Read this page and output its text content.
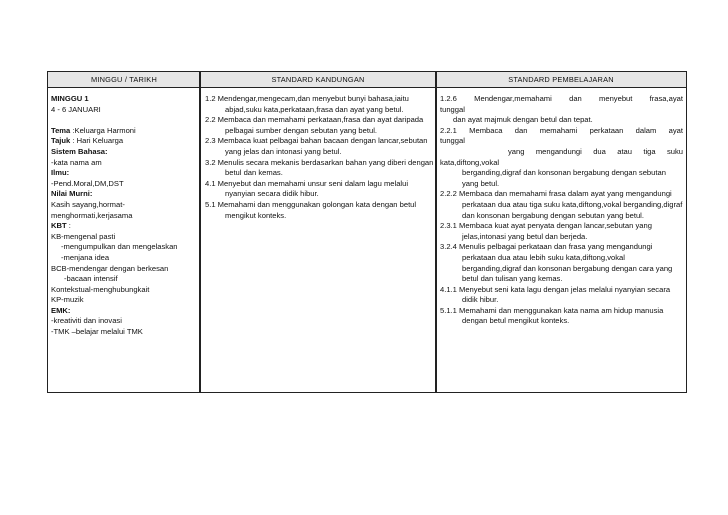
MINGGU / TARIKH	STANDARD KANDUNGAN	STANDARD PEMBELAJARAN

MINGGU 1

4 - 6 JANUARI

Tema :Keluarga Harmoni

Tajuk : Hari Keluarga

Sistem Bahasa:

-kata nama am

Ilmu:

-Pend.Moral,DM,DST

Nilai Murni:

Kasih sayang,hormat-

menghormati,kerjasama

KBT :

KB-mengenal pasti

-mengumpulkan dan mengelaskan

-menjana idea

BCB-mendengar dengan berkesan

-bacaan intensif

Kontekstual-menghubungkait

KP-muzik

EMK:

-kreativiti dan inovasi

-TMK –belajar melalui TMK

1.2 Mendengar,mengecam,dan menyebut bunyi bahasa,iaitu abjad,suku kata,perkataan,frasa dan ayat yang betul.

2.2 Membaca dan memahami perkataan,frasa dan ayat daripada pelbagai sumber dengan sebutan yang betul.

2.3 Membaca kuat pelbagai bahan bacaan dengan lancar,sebutan yang jelas dan intonasi yang betul.

3.2 Menulis secara mekanis berdasarkan bahan yang diberi dengan betul dan kemas.

4.1 Menyebut dan memahami unsur seni dalam lagu melalui nyanyian secara didik hibur.

5.1 Memahami dan menggunakan golongan kata dengan betul mengikut konteks.

1.2.6 Mendengar,memahami dan menyebut frasa,ayat

tunggal

dan ayat majmuk dengan betul dan tepat.

2.2.1 Membaca dan memahami perkataan dalam ayat

tunggal

yang mengandungi dua atau tiga suku

kata,diftong,vokal

berganding,digraf dan konsonan bergabung dengan sebutan yang betul.

2.2.2 Membaca dan memahami frasa dalam ayat yang mengandungi perkataan dua atau tiga suku kata,diftong,vokal berganding,digraf dan konsonan bergabung dengan sebutan yang betul.

2.3.1 Membaca kuat ayat penyata dengan lancar,sebutan yang jelas,intonasi yang betul dan berjeda.

3.2.4 Menulis pelbagai perkataan dan frasa yang mengandungi perkataan dua atau lebih suku kata,diftong,vokal berganding,digraf dan konsonan bergabung dengan cara yang betul dan tulisan yang kemas.

4.1.1 Menyebut seni kata lagu dengan jelas melalui nyanyian secara didik hibur.

5.1.1 Memahami dan menggunakan kata nama am hidup manusia dengan betul mengikut konteks.
